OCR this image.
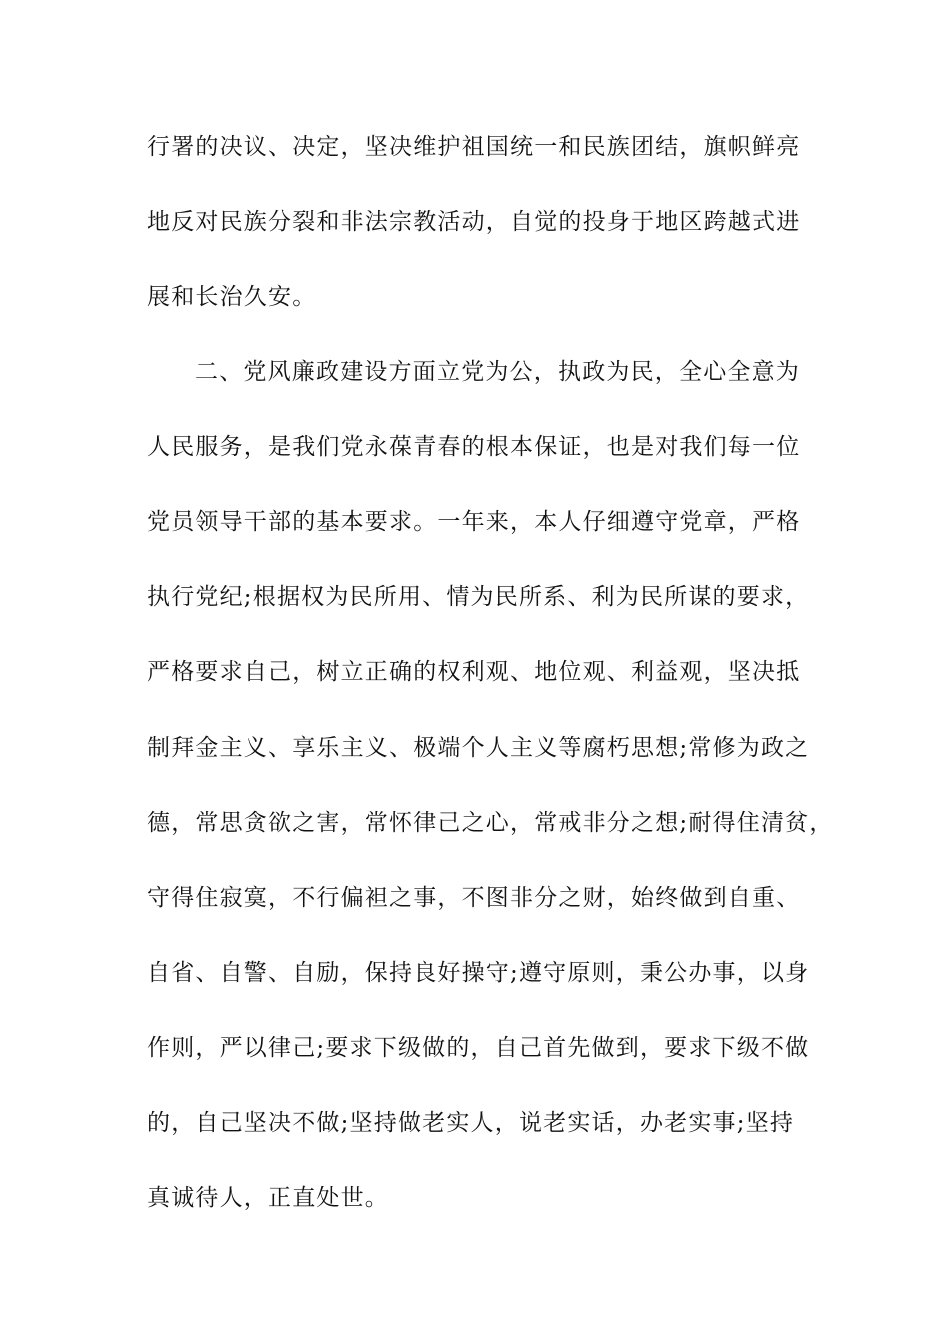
行署的决议、决定，坚决维护祖国统一和民族团结，旗帜鲜亮
地反对民族分裂和非法宗教活动，自觉的投身于地区跨越式进
展和长治久安。
二、党风廉政建设方面立党为公，执政为民，全心全意为
人民服务，是我们党永葆青春的根本保证，也是对我们每一位
党员领导干部的基本要求。一年来，本人仔细遵守党章，严格
执行党纪;根据权为民所用、情为民所系、利为民所谋的要求，
严格要求自己，树立正确的权利观、地位观、利益观，坚决抵
制拜金主义、享乐主义、极端个人主义等腐朽思想;常修为政之
德，常思贪欲之害，常怀律己之心，常戒非分之想;耐得住清贫，
守得住寂寞，不行偏袒之事，不图非分之财，始终做到自重、
自省、自警、自励，保持良好操守;遵守原则，秉公办事，以身
作则，严以律己;要求下级做的，自己首先做到，要求下级不做
的，自己坚决不做;坚持做老实人，说老实话，办老实事;坚持
真诚待人，正直处世。
